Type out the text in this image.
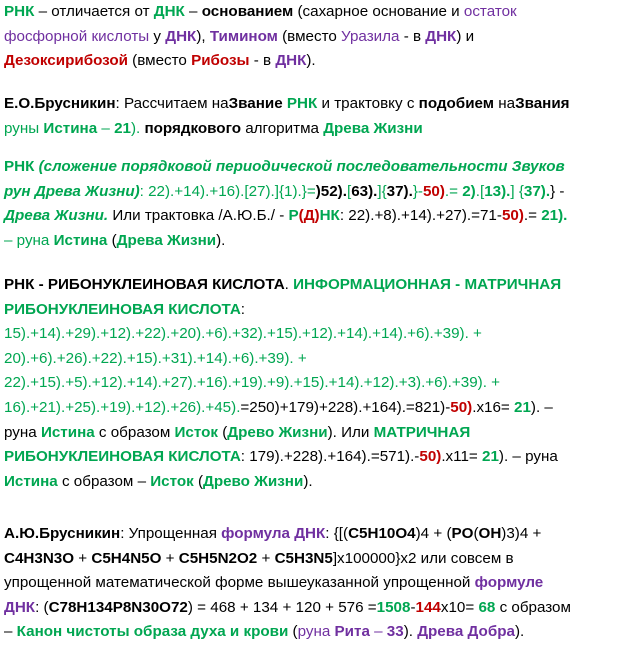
РНК – отличается от ДНК – основанием (сахарное основание и остаток
фосфорной кислоты у ДНК), Тимином (вместо Уразила - в ДНК) и
Дезоксирибозой (вместо Рибозы - в ДНК).
Е.О.Брусникин: Рассчитаем наЗвание РНК и трактовку с подобием наЗвания
руны Истина – 21). порядкового алгоритма Древа Жизни
РНК (сложение порядковой периодической последовательности Звуков
рун Древа Жизни): 22).+14).+16).[27).]{1).}=)52).[63).]{37).}-50).= 2).[13).] {37).} -
Древа Жизни. Или трактовка /А.Ю.Б./ - Р(Д)НК: 22).+8).+14).+27).=71-50).= 21).
– руна Истина (Древа Жизни).
РНК - РИБОНУКЛЕИНОВАЯ КИСЛОТА. ИНФОРМАЦИОННАЯ - МАТРИЧНАЯ
РИБОНУКЛЕИНОВАЯ КИСЛОТА:
15).+14).+29).+12).+22).+20).+6).+32).+15).+12).+14).+14).+6).+39). +
20).+6).+26).+22).+15).+31).+14).+6).+39). +
22).+15).+5).+12).+14).+27).+16).+19).+9).+15).+14).+12).+3).+6).+39). +
16).+21).+25).+19).+12).+26).+45).=250)+179)+228).+164).=821)-50).x16= 21). –
руна Истина с образом Исток (Древо Жизни). Или МАТРИЧНАЯ
РИБОНУКЛЕИНОВАЯ КИСЛОТА: 179).+228).+164).=571).-50).x11= 21). – руна
Истина с образом – Исток (Древо Жизни).
А.Ю.Брусникин: Упрощенная формула ДНК: {[(C5H10O4)4 + (PO(OH)3)4 +
C4H3N3O + C5H4N5O + C5H5N2O2 + C5H3N5]x100000}x2 или совсем в
упрощенной математической форме вышеуказанной упрощенной формуле
ДНК: (C78H134P8N30O72) = 468 + 134 + 120 + 576 =1508-144x10= 68 с образом
– Канон чистоты образа духа и крови (руна Рита – 33). Древа Добра).
